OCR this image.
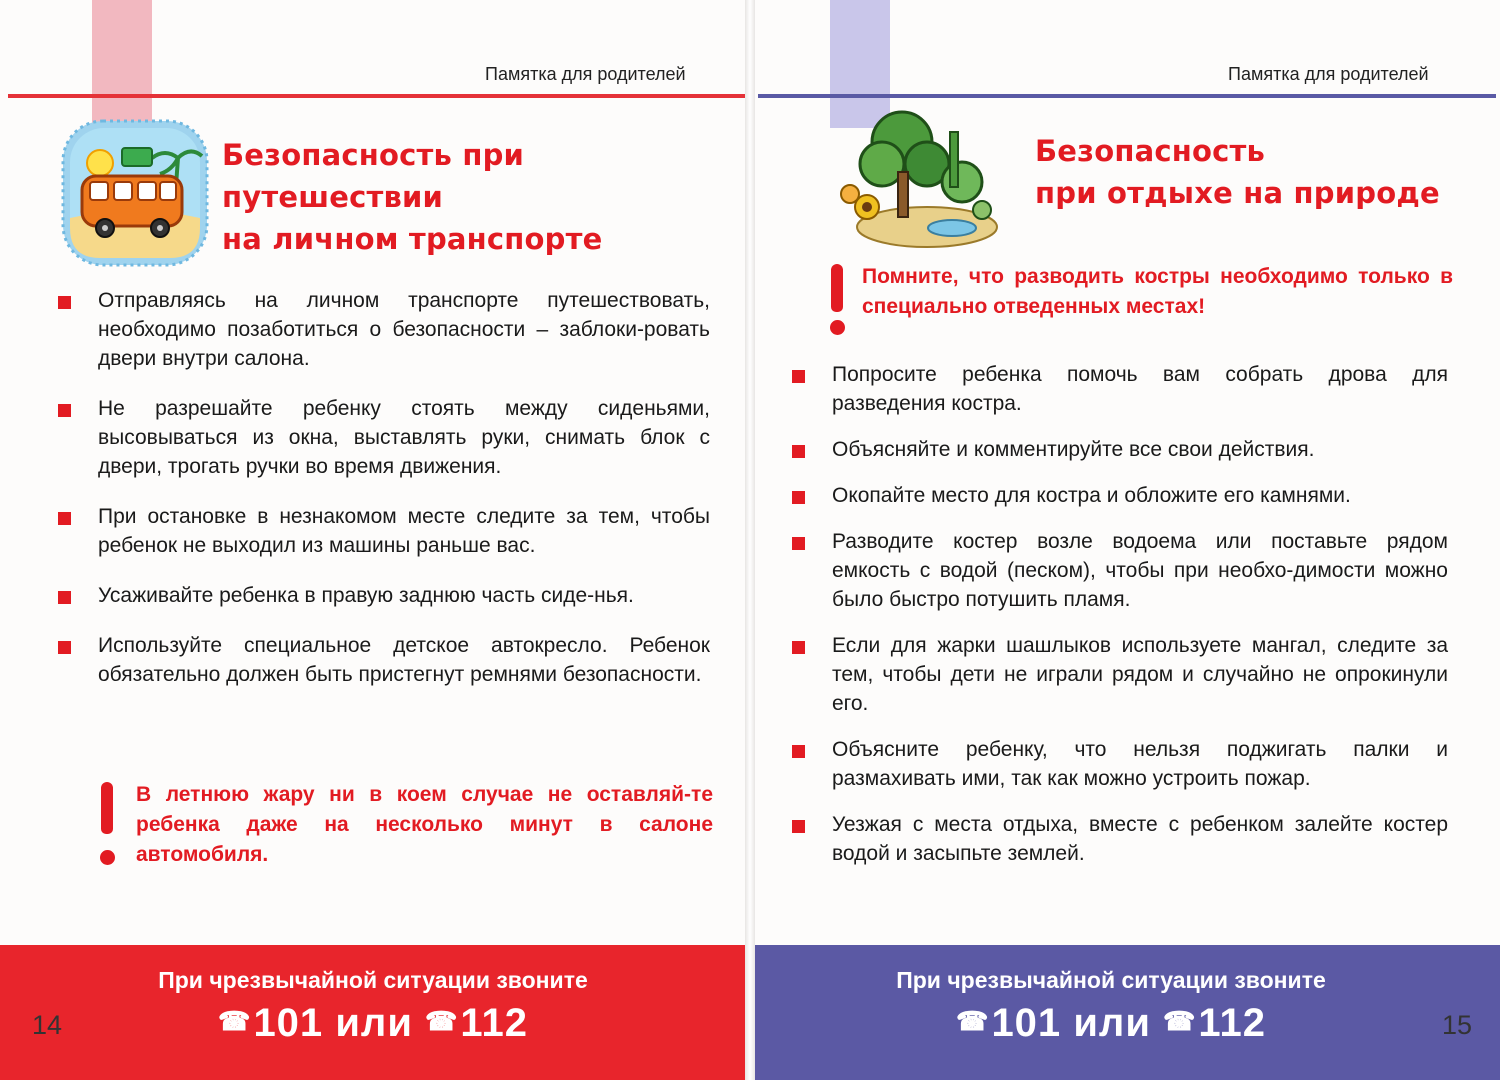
Памятка для родителей
Безопасность при путешествии
на личном транспорте
Отправляясь на личном транспорте путешествовать, необходимо позаботиться о безопасности – заблоки-ровать двери внутри салона.
Не разрешайте ребенку стоять между сиденьями, высовываться из окна, выставлять руки, снимать блок с двери, трогать ручки во время движения.
При остановке в незнакомом месте следите за тем, чтобы ребенок не выходил из машины раньше вас.
Усаживайте ребенка в правую заднюю часть сиде-нья.
Используйте специальное детское автокресло. Ребенок обязательно должен быть пристегнут ремнями безопасности.
В летнюю жару ни в коем случае не оставляй-те ребенка даже на несколько минут в салоне автомобиля.
При чрезвычайной ситуации звоните
☎101 или ☎112
14
Памятка для родителей
Безопасность
при отдыхе на природе
Помните, что разводить костры необходимо только в специально отведенных местах!
Попросите ребенка помочь вам собрать дрова для разведения костра.
Объясняйте и комментируйте все свои действия.
Окопайте место для костра и обложите его камнями.
Разводите костер возле водоема или поставьте рядом емкость с водой (песком), чтобы при необхо-димости можно было быстро потушить пламя.
Если для жарки шашлыков используете мангал, следите за тем, чтобы дети не играли рядом и случайно не опрокинули его.
Объясните ребенку, что нельзя поджигать палки и размахивать ими, так как можно устроить пожар.
Уезжая с места отдыха, вместе с ребенком залейте костер водой и засыпьте землей.
При чрезвычайной ситуации звоните
☎101 или ☎112	15
